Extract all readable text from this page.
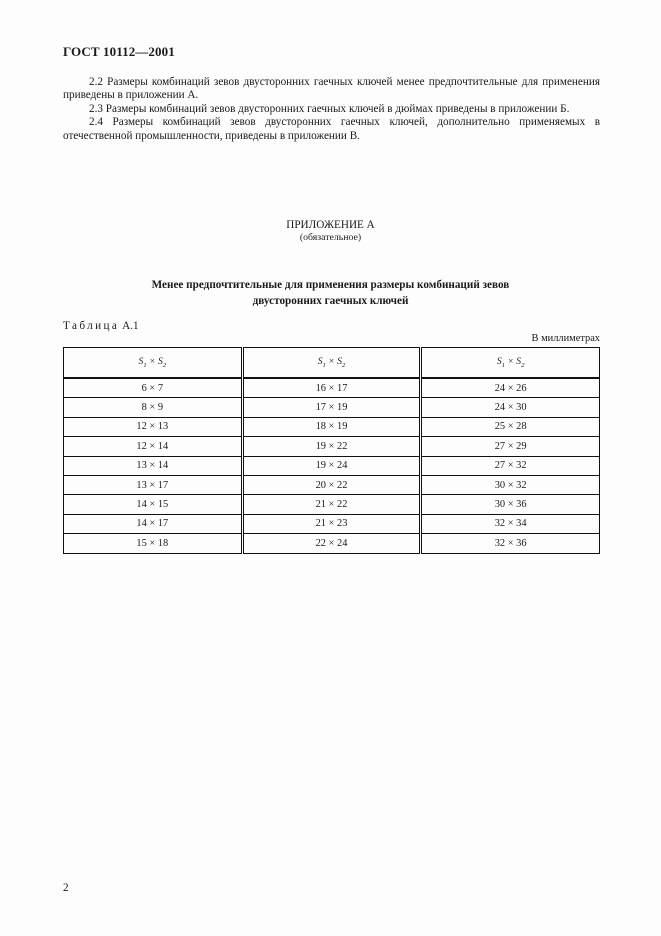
ГОСТ 10112—2001

2.2 Размеры комбинаций зевов двусторонних гаечных ключей менее предпочтительные для применения приведены в приложении А.

2.3 Размеры комбинаций зевов двусторонних гаечных ключей в дюймах приведены в приложении Б.

2.4 Размеры комбинаций зевов двусторонних гаечных ключей, дополнительно применяемых в отечественной промышленности, приведены в приложении В.

ПРИЛОЖЕНИЕ А
(обязательное)
Менее предпочтительные для применения размеры комбинаций зевов
двусторонних гаечных ключей
Таблица А.1
В миллиметрах
$S_1 \times S_2$	$S_1 \times S_2$	$S_1 \times S_2$
6 × 7	16 × 17	24 × 26
8 × 9	17 × 19	24 × 30
12 × 13	18 × 19	25 × 28
12 × 14	19 × 22	27 × 29
13 × 14	19 × 24	27 × 32
13 × 17	20 × 22	30 × 32
14 × 15	21 × 22	30 × 36
14 × 17	21 × 23	32 × 34
15 × 18	22 × 24	32 × 36
2
